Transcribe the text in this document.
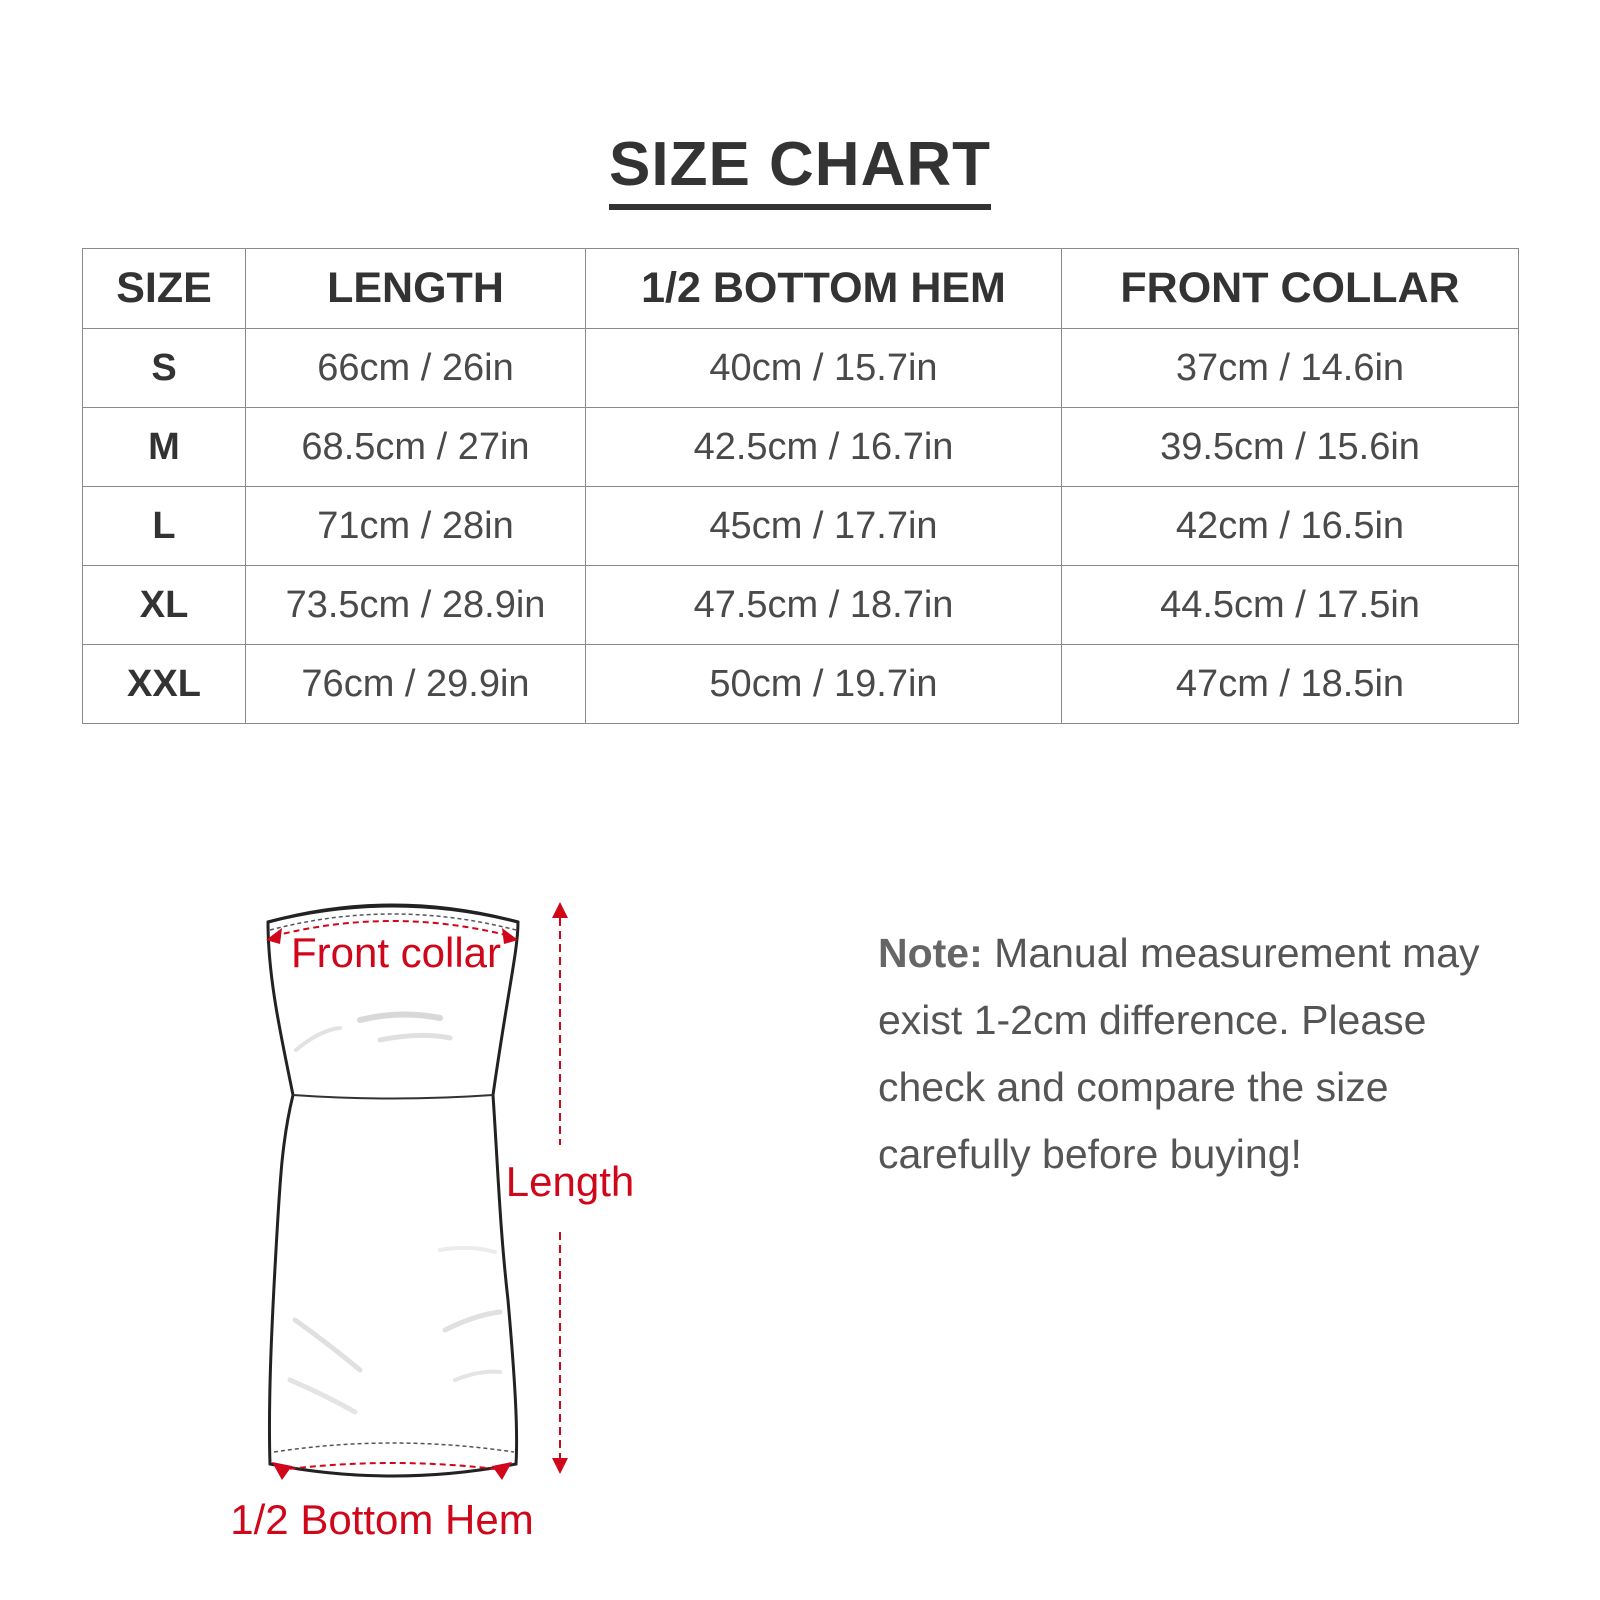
SIZE CHART
SIZE	LENGTH	1/2 BOTTOM HEM	FRONT COLLAR
S	66cm / 26in	40cm / 15.7in	37cm / 14.6in
M	68.5cm / 27in	42.5cm / 16.7in	39.5cm / 15.6in
L	71cm / 28in	45cm / 17.7in	42cm / 16.5in
XL	73.5cm / 28.9in	47.5cm / 18.7in	44.5cm / 17.5in
XXL	76cm / 29.9in	50cm / 19.7in	47cm / 18.5in
Front collar
Length
1/2 Bottom Hem
Note: Manual measurement may exist 1-2cm difference. Please check and compare the size carefully before buying!
